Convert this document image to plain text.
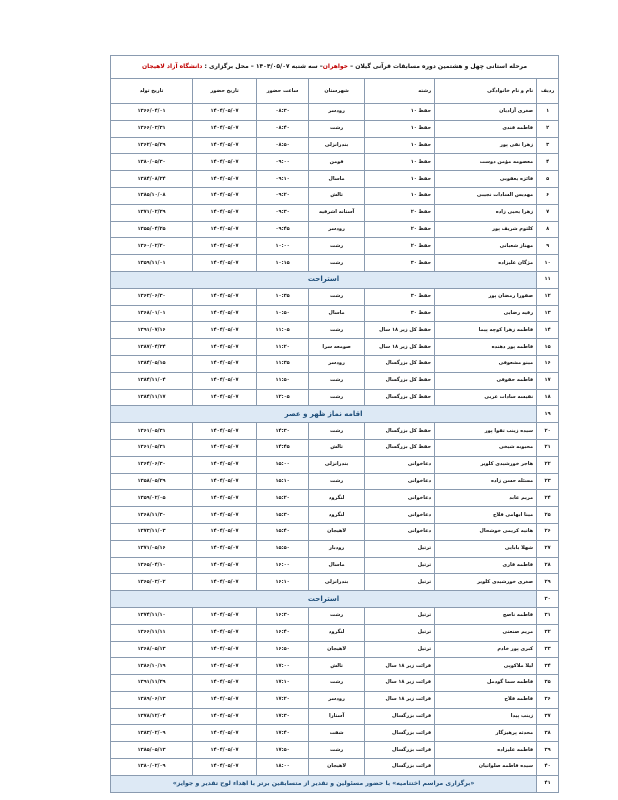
مرحله استانی چهل و هشتمین دوره مسابقات قرآنی گیلان – خواهران– سه شنبه ۱۴۰۴/۰۵/۰۷ – محل برگزاری : دانشگاه آزاد لاهیجان						
ردیف	نام و نام خانوادگی	رشته	شهرستان	ساعت حضور	تاریخ حضور	تاریخ تولد
۱	صغری آزادیان	حفظ ۱۰	رودسر	۰۸:۳۰	۱۴۰۴/۰۵/۰۷	۱۳۶۶/۰۴/۰۱
۲	فاطمه قندی	حفظ ۱۰	رشت	۰۸:۴۰	۱۴۰۴/۰۵/۰۷	۱۳۶۶/۰۳/۳۱
۳	زهرا نقی پور	حفظ ۱۰	بندرانزلی	۰۸:۵۰	۱۴۰۴/۰۵/۰۷	۱۳۶۲/۰۵/۲۹
۴	معصومه مؤمن دوست	حفظ ۱۰	فومن	۰۹:۰۰	۱۴۰۴/۰۵/۰۷	۱۳۸۰/۰۵/۳۰
۵	فائزه یعقوبی	حفظ ۱۰	ماسال	۰۹:۱۰	۱۴۰۴/۰۵/۰۷	۱۳۸۴/۰۸/۲۴
۶	مهدیس السادات نجیبی	حفظ ۱۰	تالش	۰۹:۲۰	۱۴۰۴/۰۵/۰۷	۱۳۸۵/۱۰/۰۸
۷	زهرا یحیی زاده	حفظ ۲۰	آستانه اشرفیه	۰۹:۳۰	۱۴۰۴/۰۵/۰۷	۱۳۷۱/۰۲/۲۹
۸	کلثوم شریف پور	حفظ ۲۰	رودسر	۰۹:۴۵	۱۴۰۴/۰۵/۰۷	۱۳۵۵/۰۴/۲۵
۹	مهناز شعبانی	حفظ ۲۰	رشت	۱۰:۰۰	۱۴۰۴/۰۵/۰۷	۱۳۶۰/۰۲/۲۰
۱۰	مژگان علیزاده	حفظ ۳۰	رشت	۱۰:۱۵	۱۴۰۴/۰۵/۰۷	۱۳۵۹/۱۱/۰۱
۱۱	استراحت					
۱۲	صفورا رمضان پور	حفظ ۳۰	رشت	۱۰:۳۵	۱۴۰۴/۰۵/۰۷	۱۳۶۳/۰۶/۳۰
۱۳	رقیه رضایی	حفظ ۳۰	ماسال	۱۰:۵۰	۱۴۰۴/۰۵/۰۷	۱۳۶۸/۰۱/۰۱
۱۴	فاطمه زهرا کوچه پیما	حفظ کل زیر ۱۸ سال	رشت	۱۱:۰۵	۱۴۰۴/۰۵/۰۷	۱۳۹۱/۰۷/۱۶
۱۵	فاطمه پور دهنده	حفظ کل زیر ۱۸ سال	صومعه سرا	۱۱:۲۰	۱۴۰۴/۰۵/۰۷	۱۳۸۷/۰۴/۲۴
۱۶	مینو مشعوفی	حفظ کل بزرگسال	رودسر	۱۱:۳۵	۱۴۰۴/۰۵/۰۷	۱۳۸۴/۰۵/۱۵
۱۷	فاطمه حقوقی	حفظ کل بزرگسال	رشت	۱۱:۵۰	۱۴۰۴/۰۵/۰۷	۱۳۸۴/۱۱/۰۴
۱۸	نفیسه سادات عربی	حفظ کل بزرگسال	رشت	۱۲:۰۵	۱۴۰۴/۰۵/۰۷	۱۳۸۴/۱۱/۱۷
۱۹	اقامه نماز ظهر و عصر					
۲۰	سیده زینب تقوا پور	حفظ کل بزرگسال	رشت	۱۴:۳۰	۱۴۰۴/۰۵/۰۷	۱۳۶۱/۰۵/۳۱
۲۱	محبوبه شیخی	حفظ کل بزرگسال	تالش	۱۴:۴۵	۱۴۰۴/۰۵/۰۷	۱۳۶۱/۰۵/۳۱
۲۲	هاجر خورشیدی کلویر	دعاخوانی	بندرانزلی	۱۵:۰۰	۱۴۰۴/۰۵/۰۷	۱۳۶۴/۰۶/۳۰
۲۳	مسئله حسن زاده	دعاخوانی	رشت	۱۵:۱۰	۱۴۰۴/۰۵/۰۷	۱۳۵۸/۰۵/۲۹
۲۴	مریم عابد	دعاخوانی	لنگرود	۱۵:۲۰	۱۴۰۴/۰۵/۰۷	۱۳۵۹/۰۲/۰۵
۲۵	مینا ابهامی فلاح	دعاخوانی	لنگرود	۱۵:۳۰	۱۴۰۴/۰۵/۰۷	۱۳۶۸/۱۱/۳۰
۲۶	هانیه کریمی خوشحال	دعاخوانی	لاهیجان	۱۵:۴۰	۱۴۰۴/۰۵/۰۷	۱۳۷۳/۱۱/۰۳
۲۷	شهلا بابایی	ترتیل	رودبار	۱۵:۵۰	۱۴۰۴/۰۵/۰۷	۱۳۷۱/۰۵/۱۶
۲۸	فاطمه قاری	ترتیل	ماسال	۱۶:۰۰	۱۴۰۴/۰۵/۰۷	۱۳۶۵/۰۴/۱۰
۲۹	صغری خورشیدی کلویر	ترتیل	بندرانزلی	۱۶:۱۰	۱۴۰۴/۰۵/۰۷	۱۳۶۵/۰۳/۰۲
۳۰	استراحت					
۳۱	فاطمه ناصح	ترتیل	رشت	۱۶:۳۰	۱۴۰۴/۰۵/۰۷	۱۳۷۴/۱۱/۱۰
۳۲	مریم صنعتی	ترتیل	لنگرود	۱۶:۴۰	۱۴۰۴/۰۵/۰۷	۱۳۶۶/۱۱/۱۱
۳۳	کبری پور خادم	ترتیل	لاهیجان	۱۶:۵۰	۱۴۰۴/۰۵/۰۷	۱۳۶۸/۰۵/۱۳
۳۴	لیلا ملاکوپی	قرائت زیر ۱۸ سال	تالش	۱۷:۰۰	۱۴۰۴/۰۵/۰۷	۱۳۸۶/۱۰/۱۹
۳۵	فاطمه سما گودمل	قرائت زیر ۱۸ سال	رشت	۱۷:۱۰	۱۴۰۴/۰۵/۰۷	۱۳۹۱/۱۱/۲۹
۳۶	فاطمه فلاح	قرائت زیر ۱۸ سال	رودسر	۱۷:۲۰	۱۴۰۴/۰۵/۰۷	۱۳۸۹/۰۶/۱۳
۳۷	زینب پیدا	قرائت بزرگسال	آستارا	۱۷:۳۰	۱۴۰۴/۰۵/۰۷	۱۳۷۸/۱۲/۰۴
۳۸	محدثه پرهیزگار	قرائت بزرگسال	شفت	۱۷:۴۰	۱۴۰۴/۰۵/۰۷	۱۳۸۳/۰۲/۰۹
۳۹	فاطمه علیزاده	قرائت بزرگسال	رشت	۱۷:۵۰	۱۴۰۴/۰۵/۰۷	۱۳۸۵/۰۵/۱۳
۴۰	سیده فاطمه صلواتیان	قرائت بزرگسال	لاهیجان	۱۸:۰۰	۱۴۰۴/۰۵/۰۷	۱۳۸۰/۰۲/۰۹
۴۱	«برگزاری مراسم اختتامیه» با حضور مسئولین و تقدیر از متسابقین برتر با اهداء لوح تقدیر و جوایز»					
